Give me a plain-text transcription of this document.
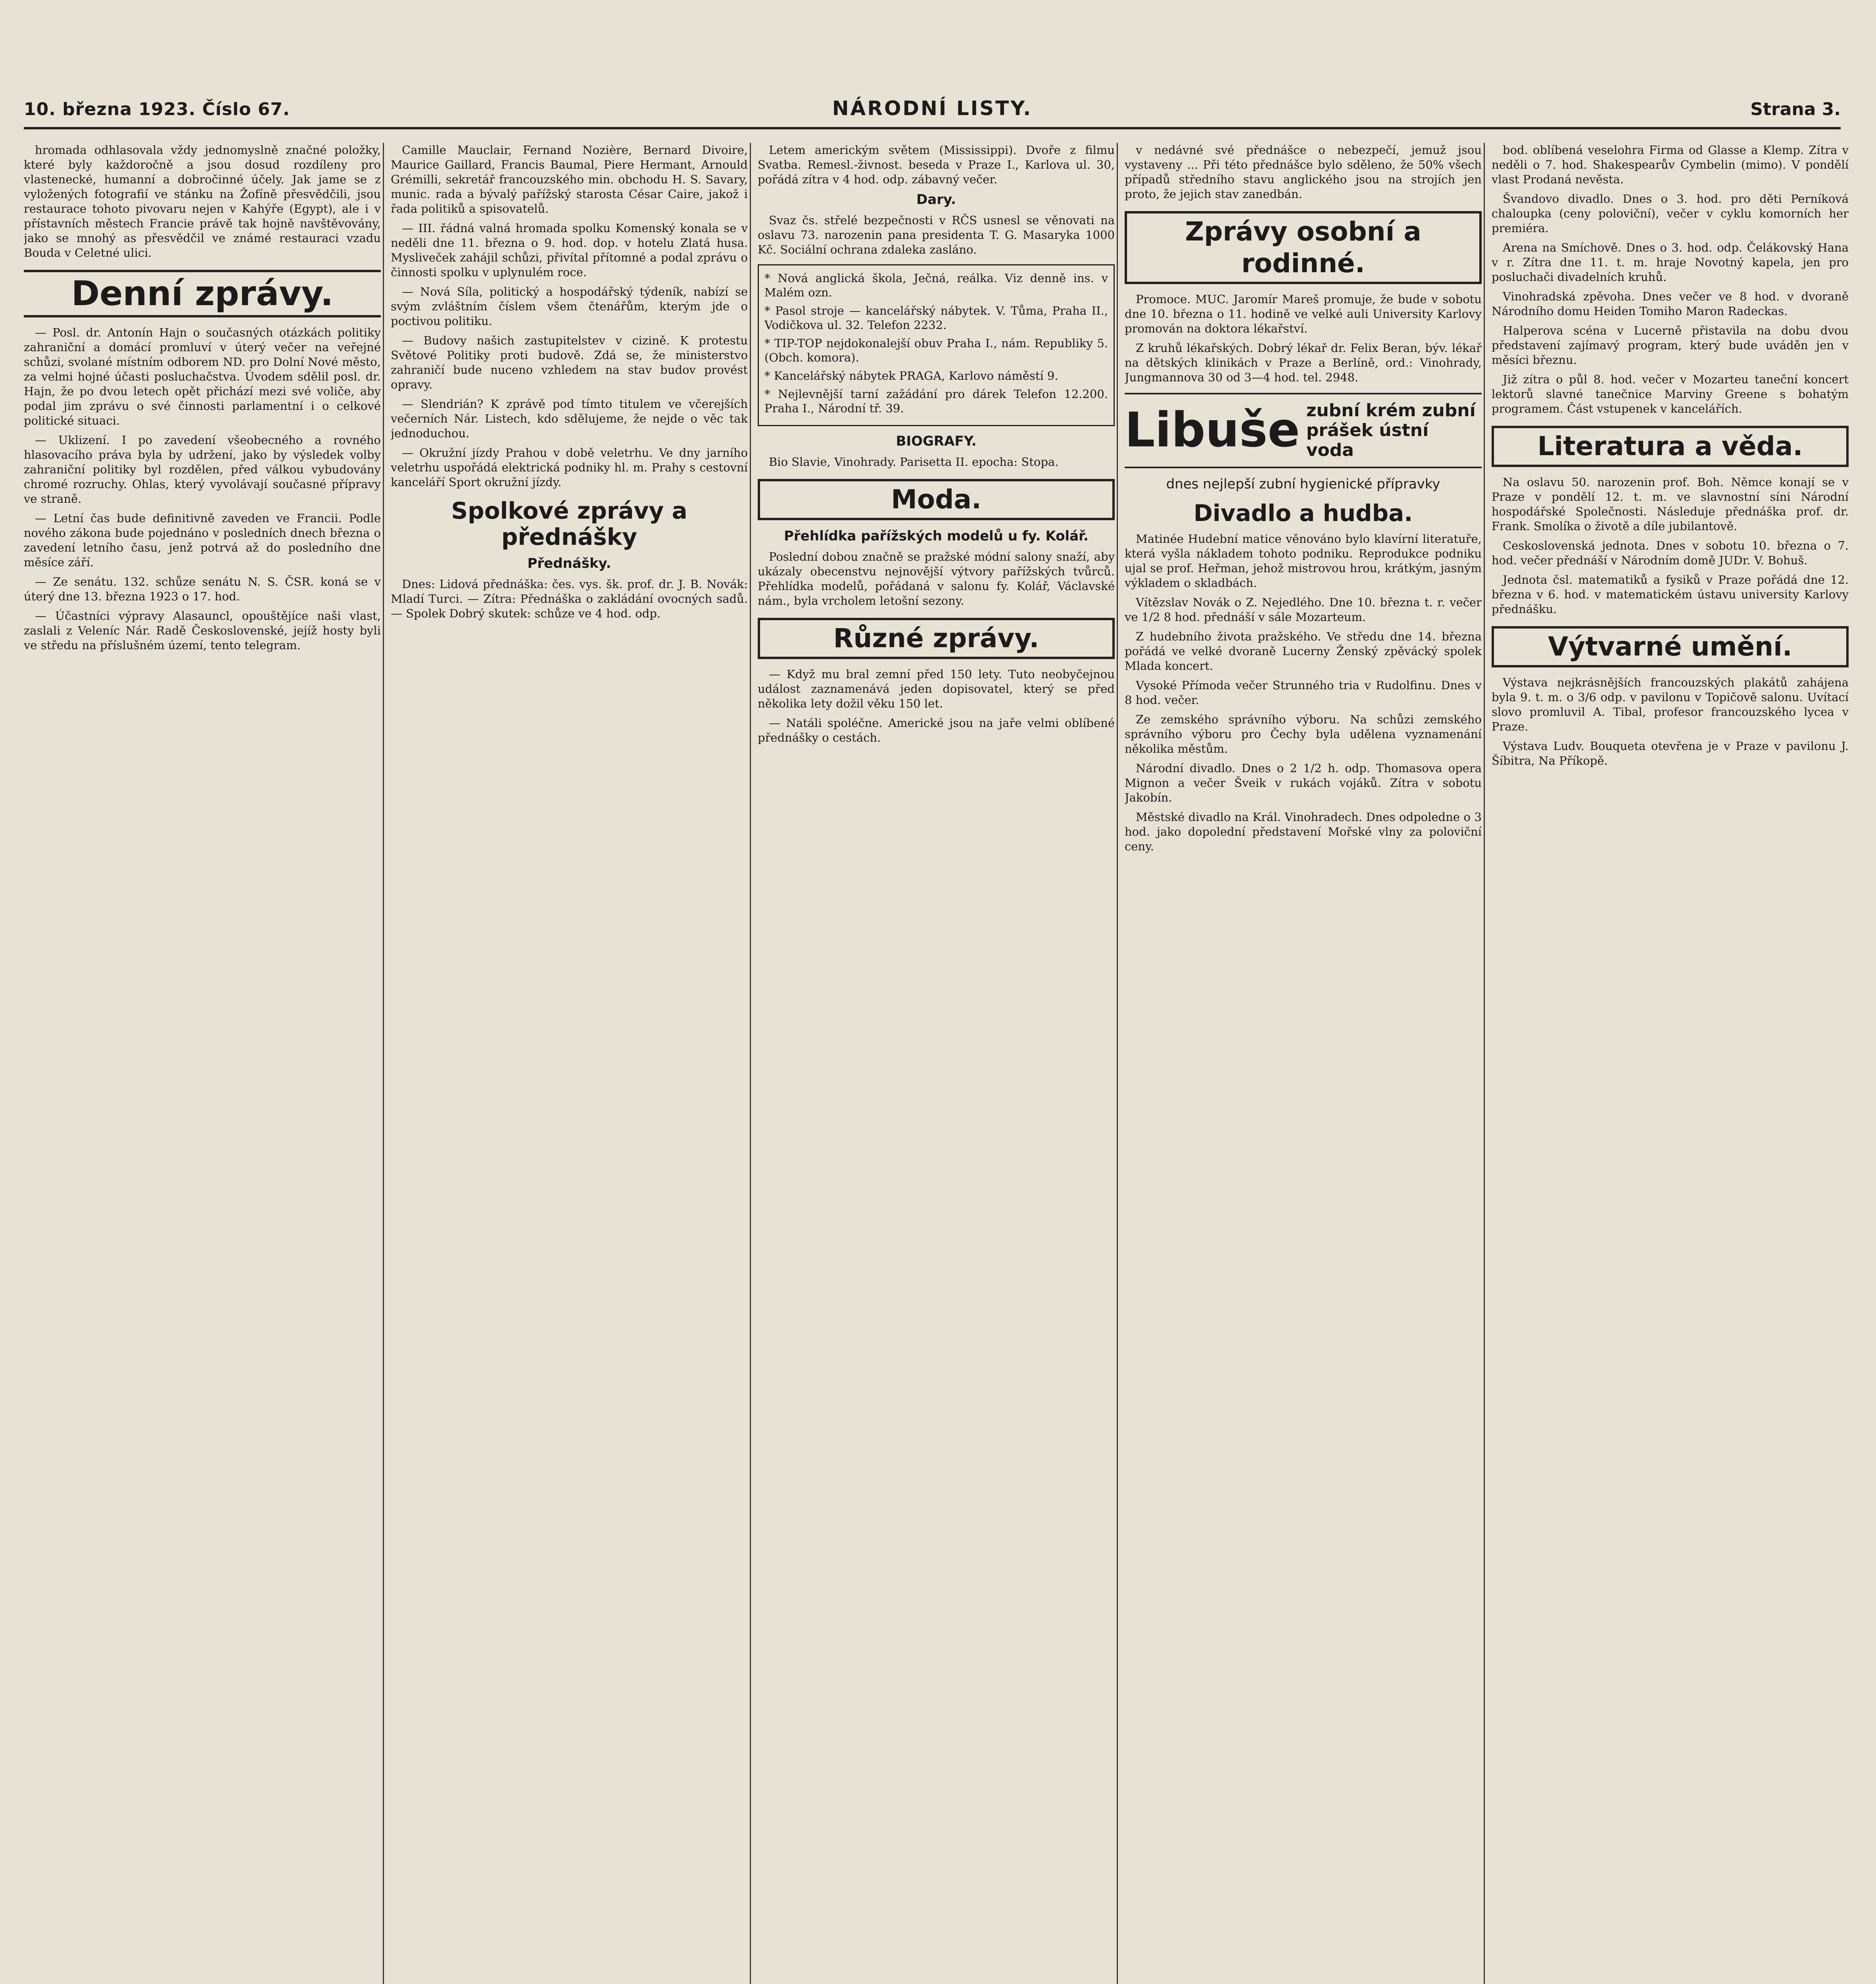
10. března 1923. Číslo 67.	NÁRODNÍ LISTY.	Strana 3.

hromada odhlasovala vždy jednomyslně značné položky, které byly každoročně a jsou dosud rozdíleny pro vlastenecké, humanní a dobročinné účely. Jak jame se z vyložených fotografií ve stánku na Žofíně přesvědčili, jsou restaurace tohoto pivovaru nejen v Kahýře (Egypt), ale i v přístavních městech Francie právě tak hojně navštěvovány, jako se mnohý as přesvědčil ve známé restauraci vzadu Bouda v Celetné ulici.

Denní zprávy.

— Posl. dr. Antonín Hajn o současných otázkách politiky zahraniční a domácí promluví v úterý večer na veřejné schůzi, svolané místním odborem ND. pro Dolní Nové město, za velmi hojné účasti posluchačstva. Úvodem sdělil posl. dr. Hajn, že po dvou letech opět přichází mezi své voliče, aby podal jim zprávu o své činnosti parlamentní i o celkové politické situaci.

— Uklizení. I po zavedení všeobecného a rovného hlasovacího práva byla by udržení, jako by výsledek volby zahraniční politiky byl rozdělen, před válkou vybudovány chromé rozruchy. Ohlas, který vyvolávají současné přípravy ve straně.

— Letní čas bude definitivně zaveden ve Francii. Podle nového zákona bude pojednáno v posledních dnech března o zavedení letního času, jenž potrvá až do posledního dne měsíce září.

— Ze senátu. 132. schůze senátu N. S. ČSR. koná se v úterý dne 13. března 1923 o 17. hod.

— Účastníci výpravy Alasauncl, opouštějíce naši vlast, zaslali z Veleníc Nár. Radě Československé, jejíž hosty byli ve středu na příslušném území, tento telegram.

Camille Mauclair, Fernand Nozière, Bernard Divoire, Maurice Gaillard, Francis Baumal, Piere Hermant, Arnould Grémilli, sekretář francouzského min. obchodu H. S. Savary, munic. rada a bývalý pařížský starosta César Caire, jakož i řada politiků a spisovatelů.

— III. řádná valná hromada spolku Komenský konala se v neděli dne 11. března o 9. hod. dop. v hotelu Zlatá husa. Mysliveček zahájil schůzi, přivítal přítomné a podal zprávu o činnosti spolku v uplynulém roce.

— Nová Síla, politický a hospodářský týdeník, nabízí se svým zvláštním číslem všem čtenářům, kterým jde o poctivou politiku.

— Budovy našich zastupitelstev v cizině. K protestu Světové Politiky proti budově. Zdá se, že ministerstvo zahraničí bude nuceno vzhledem na stav budov provést opravy.

— Slendrián? K zprávě pod tímto titulem ve včerejších večerních Nár. Listech, kdo sdělujeme, že nejde o věc tak jednoduchou.

— Okružní jízdy Prahou v době veletrhu. Ve dny jarního veletrhu uspořádá elektrická podniky hl. m. Prahy s cestovní kanceláří Sport okružní jízdy.

Spolkové zprávy a přednášky
Přednášky.

Dnes: Lidová přednáška: čes. vys. šk. prof. dr. J. B. Novák: Mladí Turci. — Zítra: Přednáška o zakládání ovocných sadů. — Spolek Dobrý skutek: schůze ve 4 hod. odp.

Letem americkým světem (Mississippi). Dvoře z filmu Svatba. Remesl.-živnost. beseda v Praze I., Karlova ul. 30, pořádá zítra v 4 hod. odp. zábavný večer.

Dary.

Svaz čs. střelé bezpečnosti v RČS usnesl se věnovati na oslavu 73. narozenin pana presidenta T. G. Masaryka 1000 Kč. Sociální ochrana zdaleka zasláno.

* Nová anglická škola, Ječná, reálka. Viz denně ins. v Malém ozn.

* Pasol stroje — kancelářský nábytek. V. Tůma, Praha II., Vodičkova ul. 32. Telefon 2232.

* TIP-TOP nejdokonalejší obuv Praha I., nám. Republiky 5. (Obch. komora).

* Kancelářský nábytek PRAGA, Karlovo náměstí 9.

* Nejlevnější tarní zažádání pro dárek Telefon 12.200. Praha I., Národní tř. 39.

BIOGRAFY.

Bio Slavie, Vinohrady. Parisetta II. epocha: Stopa.

Moda.
Přehlídka pařížských modelů u fy. Kolář.

Poslední dobou značně se pražské módní salony snaží, aby ukázaly obecenstvu nejnovější výtvory pařížských tvůrců. Přehlídka modelů, pořádaná v salonu fy. Kolář, Václavské nám., byla vrcholem letošní sezony.

Různé zprávy.

— Když mu bral zemní před 150 lety. Tuto neobyčejnou událost zaznamenává jeden dopisovatel, který se před několika lety dožil věku 150 let.

— Natáli spoléčne. Americké jsou na jaře velmi oblíbené přednášky o cestách.

v nedávné své přednášce o nebezpečí, jemuž jsou vystaveny ... Při této přednášce bylo sděleno, že 50% všech případů středního stavu anglického jsou na strojích jen proto, že jejich stav zanedbán.

Zprávy osobní a rodinné.

Promoce. MUC. Jaromír Mareš promuje, že bude v sobotu dne 10. března o 11. hodině ve velké auli University Karlovy promován na doktora lékařství.

Z kruhů lékařských. Dobrý lékař dr. Felix Beran, býv. lékař na dětských klinikách v Praze a Berlíně, ord.: Vinohrady, Jungmannova 30 od 3—4 hod. tel. 2948.

Libuše zubní krém zubní prášek ústní voda
dnes nejlepší zubní hygienické přípravky
Divadlo a hudba.

Matinée Hudební matice věnováno bylo klavírní literatuře, která vyšla nákladem tohoto podniku. Reprodukce podniku ujal se prof. Heřman, jehož mistrovou hrou, krátkým, jasným výkladem o skladbách.

Vítězslav Novák o Z. Nejedlého. Dne 10. března t. r. večer ve 1/2 8 hod. přednáší v sále Mozarteum.

Z hudebního života pražského. Ve středu dne 14. března pořádá ve velké dvoraně Lucerny Ženský zpěvácký spolek Mlada koncert.

Vysoké Přímoda večer Strunného tria v Rudolfinu. Dnes v 8 hod. večer.

Ze zemského správního výboru. Na schůzi zemského správního výboru pro Čechy byla udělena vyznamenání několika městům.

Národní divadlo. Dnes o 2 1/2 h. odp. Thomasova opera Mignon a večer Šveik v rukách vojáků. Zítra v sobotu Jakobín.

Městské divadlo na Král. Vinohradech. Dnes odpoledne o 3 hod. jako dopolední představení Mořské vlny za poloviční ceny.

bod. oblíbená veselohra Firma od Glasse a Klemp. Zítra v neděli o 7. hod. Shakespearův Cymbelin (mimo). V pondělí vlast Prodaná nevěsta.

Švandovo divadlo. Dnes o 3. hod. pro děti Perníková chaloupka (ceny poloviční), večer v cyklu komorních her premiéra.

Arena na Smíchově. Dnes o 3. hod. odp. Čelákovský Hana v r. Zítra dne 11. t. m. hraje Novotný kapela, jen pro posluchači divadelních kruhů.

Vinohradská zpěvoha. Dnes večer ve 8 hod. v dvoraně Národního domu Heiden Tomiho Maron Radeckas.

Halperova scéna v Lucerně přistavila na dobu dvou představení zajímavý program, který bude uváděn jen v měsíci březnu.

Již zítra o půl 8. hod. večer v Mozarteu taneční koncert lektorů slavné tanečnice Marviny Greene s bohatým programem. Část vstupenek v kancelářích.

Literatura a věda.

Na oslavu 50. narozenin prof. Boh. Němce konají se v Praze v pondělí 12. t. m. ve slavnostní síni Národní hospodářské Společnosti. Následuje přednáška prof. dr. Frank. Smolíka o životě a díle jubilantově.

Ceskoslovenská jednota. Dnes v sobotu 10. března o 7. hod. večer přednáší v Národním domě JUDr. V. Bohuš.

Jednota čsl. matematiků a fysiků v Praze pořádá dne 12. března v 6. hod. v matematickém ústavu university Karlovy přednášku.

Výtvarné umění.

Výstava nejkrásnějších francouzských plakátů zahájena byla 9. t. m. o 3/6 odp. v pavilonu v Topičově salonu. Uvítací slovo promluvil A. Tibal, profesor francouzského lycea v Praze.

Výstava Ludv. Bouqueta otevřena je v Praze v pavilonu J. Šíbitra, Na Příkopě.
